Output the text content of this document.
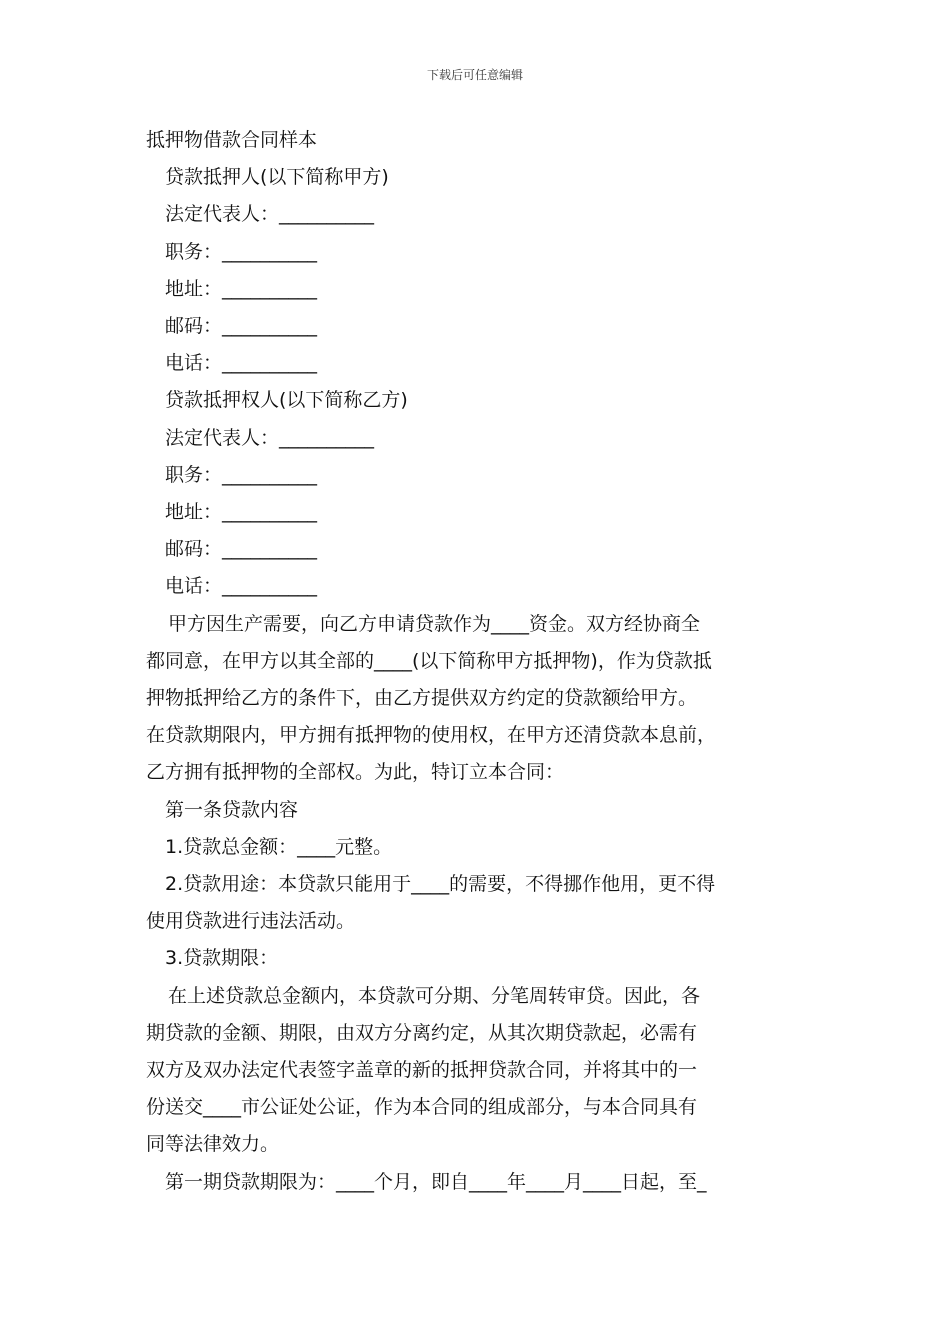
下载后可任意编辑

抵押物借款合同样本

贷款抵押人(以下简称甲方)

法定代表人：__________

职务：__________

地址：__________

邮码：__________

电话：__________

贷款抵押权人(以下简称乙方)

法定代表人：__________

职务：__________

地址：__________

邮码：__________

电话：__________

甲方因生产需要，向乙方申请贷款作为____资金。双方经协商全
都同意，在甲方以其全部的____(以下简称甲方抵押物)，作为贷款抵
押物抵押给乙方的条件下，由乙方提供双方约定的贷款额给甲方。
在贷款期限内，甲方拥有抵押物的使用权，在甲方还清贷款本息前，
乙方拥有抵押物的全部权。为此，特订立本合同：

第一条贷款内容

1.贷款总金额：____元整。

2.贷款用途：本贷款只能用于____的需要，不得挪作他用，更不得
使用贷款进行违法活动。

3.贷款期限：

在上述贷款总金额内，本贷款可分期、分笔周转审贷。因此，各
期贷款的金额、期限，由双方分离约定，从其次期贷款起，必需有
双方及双办法定代表签字盖章的新的抵押贷款合同，并将其中的一
份送交____市公证处公证，作为本合同的组成部分，与本合同具有
同等法律效力。

第一期贷款期限为：____个月，即自____年____月____日起，至_
